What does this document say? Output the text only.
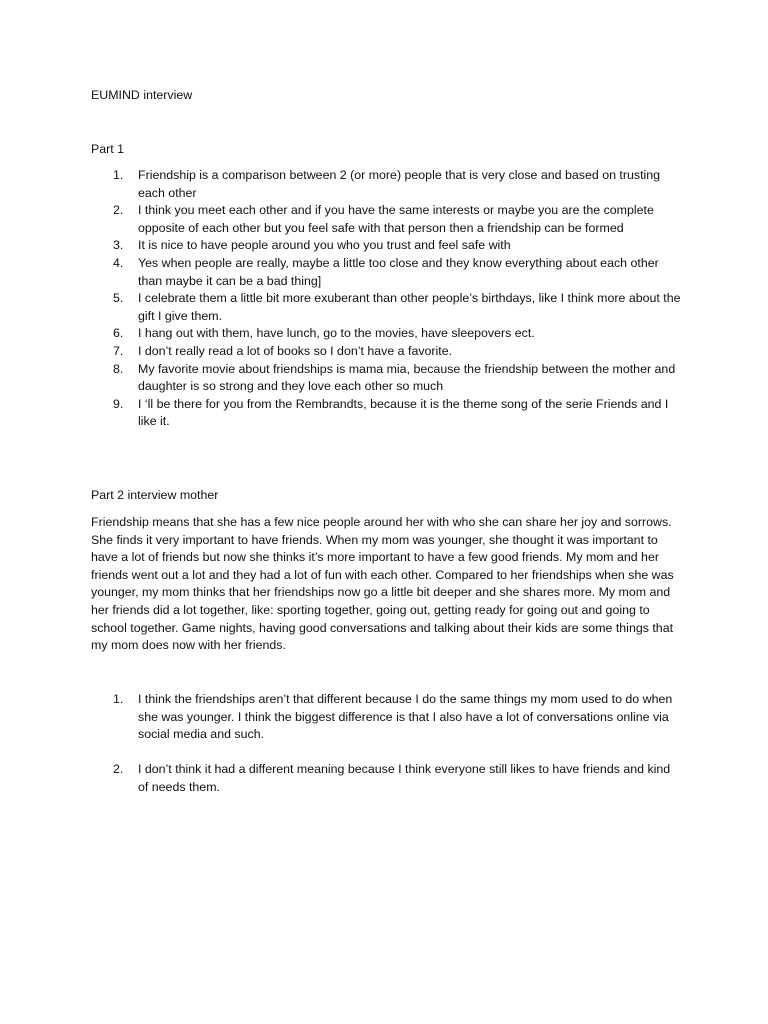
EUMIND interview
Part 1
1.	Friendship is a comparison between 2 (or more) people that is very close and based on trusting each other
2.	I think you meet each other and if you have the same interests or maybe you are the complete opposite of each other but you feel safe with that person then a friendship can be formed
3.	It is nice to have people around you who you trust and feel safe with
4.	Yes when people are really, maybe a little too close and they know everything about each other than maybe it can be a bad thing]
5.	I celebrate them a little bit more exuberant than other people’s birthdays, like I think more about the gift I give them.
6.	I hang out with them, have lunch, go to the movies, have sleepovers ect.
7.	I don’t really read a lot of books so I don’t have a favorite.
8.	My favorite movie about friendships is mama mia, because the friendship between the mother and daughter is so strong and they love each other so much
9.	I ‘ll be there for you from the Rembrandts, because it is the theme song of the serie Friends and I like it.
Part 2 interview mother
Friendship means that she has a few nice people around her with who she can share her joy and sorrows. She finds it very important to have friends. When my mom was younger, she thought it was important to have a lot of friends but now she thinks it’s more important to have a few good friends. My mom and her friends went out a lot and they had a lot of fun with each other. Compared to her friendships when she was younger, my mom thinks that her friendships now go a little bit deeper and she shares more. My mom and her friends did a lot together, like: sporting together, going out, getting ready for going out and going to school together. Game nights, having good conversations and talking about their kids are some things that my mom does now with her friends.
1.	I think the friendships aren’t that different because I do the same things my mom used to do when she was younger. I think the biggest difference is that I also have a lot of conversations online via social media and such.
2.	I don’t think it had a different meaning because I think everyone still likes to have friends and kind of needs them.
